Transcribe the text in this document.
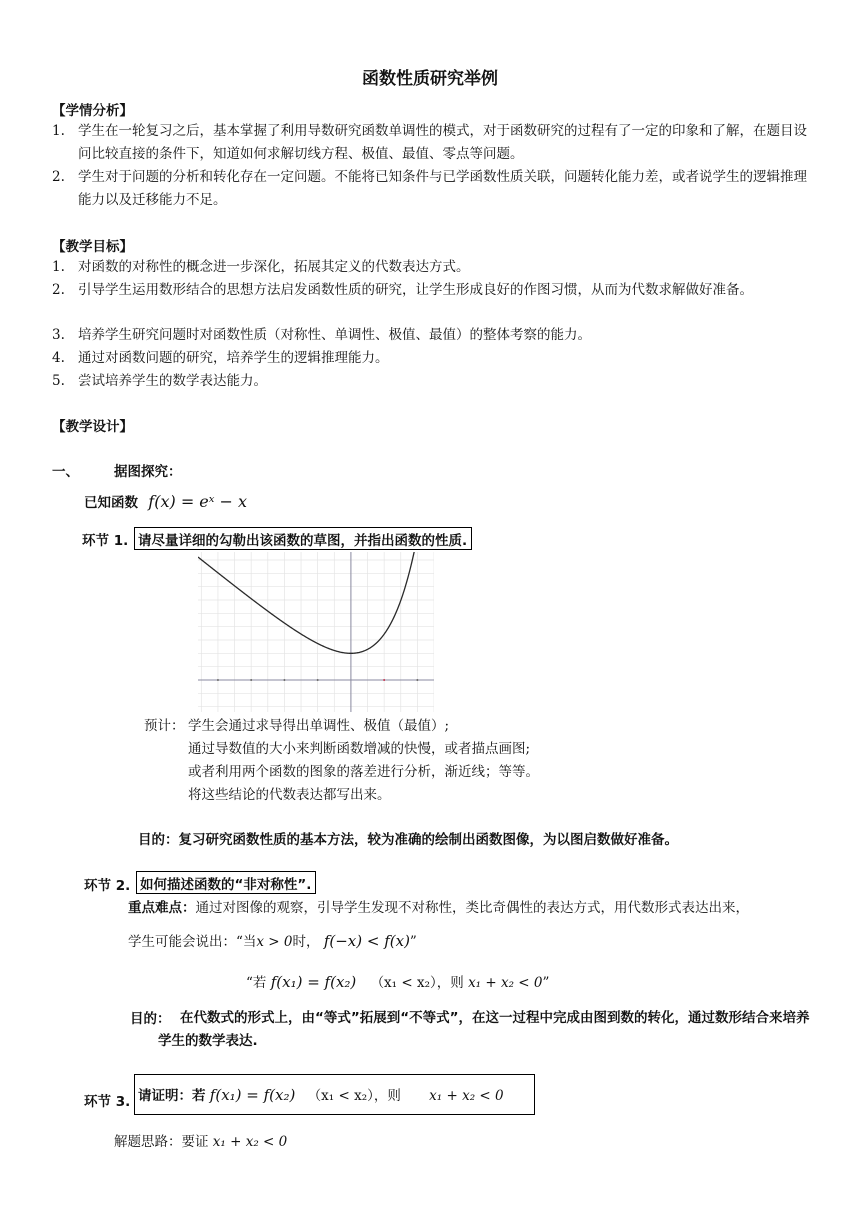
函数性质研究举例
【学情分析】
1. 学生在一轮复习之后，基本掌握了利用导数研究函数单调性的模式，对于函数研究的过程有了一定的印象和了解，在题目设问比较直接的条件下，知道如何求解切线方程、极值、最值、零点等问题。
2. 学生对于问题的分析和转化存在一定问题。不能将已知条件与已学函数性质关联，问题转化能力差，或者说学生的逻辑推理能力以及迁移能力不足。
【教学目标】
1. 对函数的对称性的概念进一步深化，拓展其定义的代数表达方式。
2. 引导学生运用数形结合的思想方法启发函数性质的研究，让学生形成良好的作图习惯，从而为代数求解做好准备。
3. 培养学生研究问题时对函数性质（对称性、单调性、极值、最值）的整体考察的能力。
4. 通过对函数问题的研究，培养学生的逻辑推理能力。
5. 尝试培养学生的数学表达能力。
【教学设计】
一、	据图探究：
已知函数 f(x) = eˣ − x
环节 1. 请尽量详细的勾勒出该函数的草图，并指出函数的性质.
预计： 学生会通过求导得出单调性、极值（最值）;
通过导数值的大小来判断函数增减的快慢，或者描点画图;
或者利用两个函数的图象的落差进行分析，渐近线；等等。
将这些结论的代数表达都写出来。
目的：复习研究函数性质的基本方法，较为准确的绘制出函数图像，为以图启数做好准备。
环节 2. 如何描述函数的“非对称性”.
重点难点：通过对图像的观察，引导学生发现不对称性，类比奇偶性的表达方式，用代数形式表达出来，
学生可能会说出：“当x > 0时， f(−x) < f(x)”
“若 f(x₁) = f(x₂) （x₁ < x₂），则 x₁ + x₂ < 0”
目的： 在代数式的形式上，由“等式”拓展到“不等式”，在这一过程中完成由图到数的转化，通过数形结合来培养学生的数学表达.
环节 3. 请证明：若 f(x₁) = f(x₂) （x₁ < x₂），则 x₁ + x₂ < 0
解题思路：要证 x₁ + x₂ < 0
